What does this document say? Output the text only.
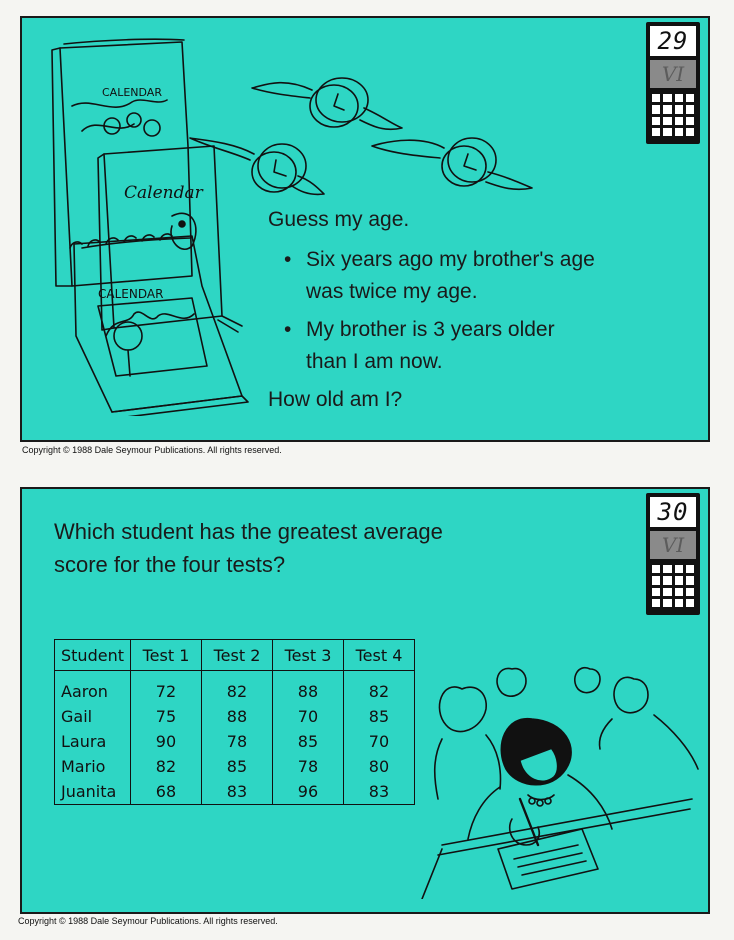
29
VI
CALENDAR
Calendar
CALENDAR
Guess my age.
• Six years ago my brother's age
was twice my age.
• My brother is 3 years older
than I am now.
How old am I?
Copyright © 1988 Dale Seymour Publications. All rights reserved.
30
VI
Which student has the greatest average
score for the four tests?
Student	Test 1	Test 2	Test 3	Test 4
Aaron	72	82	88	82
Gail	75	88	70	85
Laura	90	78	85	70
Mario	82	85	78	80
Juanita	68	83	96	83
Copyright © 1988 Dale Seymour Publications. All rights reserved.
